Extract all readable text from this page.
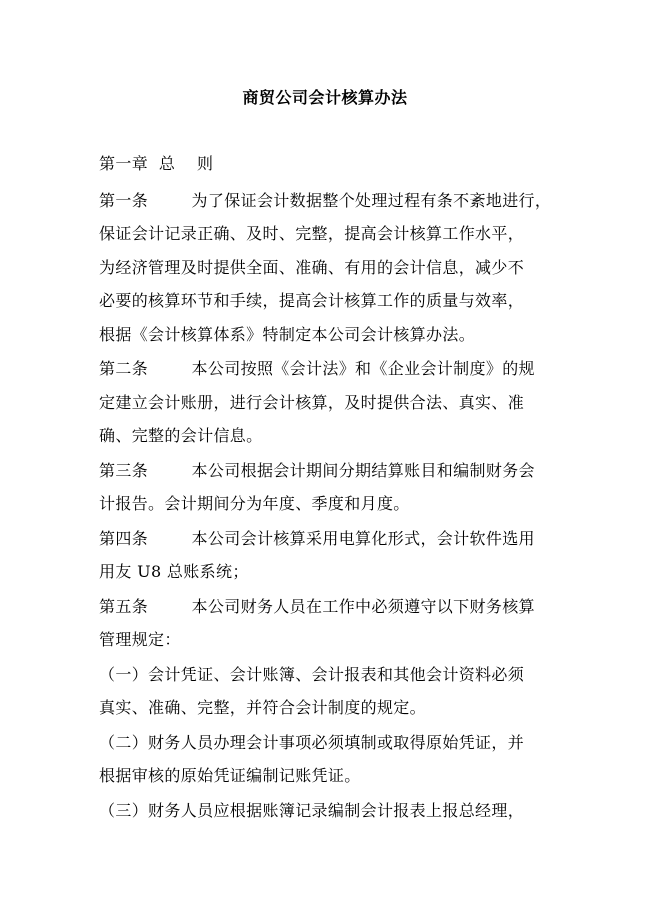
商贸公司会计核算办法
第一章  总    则
第一条        为了保证会计数据整个处理过程有条不紊地进行，
保证会计记录正确、及时、完整，提高会计核算工作水平，
为经济管理及时提供全面、准确、有用的会计信息，减少不
必要的核算环节和手续，提高会计核算工作的质量与效率，
根据《会计核算体系》特制定本公司会计核算办法。
第二条        本公司按照《会计法》和《企业会计制度》的规
定建立会计账册，进行会计核算，及时提供合法、真实、准
确、完整的会计信息。
第三条        本公司根据会计期间分期结算账目和编制财务会
计报告。会计期间分为年度、季度和月度。
第四条        本公司会计核算采用电算化形式，会计软件选用
用友 U8 总账系统；
第五条        本公司财务人员在工作中必须遵守以下财务核算
管理规定：
（一）会计凭证、会计账簿、会计报表和其他会计资料必须
真实、准确、完整，并符合会计制度的规定。
（二）财务人员办理会计事项必须填制或取得原始凭证，并
根据审核的原始凭证编制记账凭证。
（三）财务人员应根据账簿记录编制会计报表上报总经理，
